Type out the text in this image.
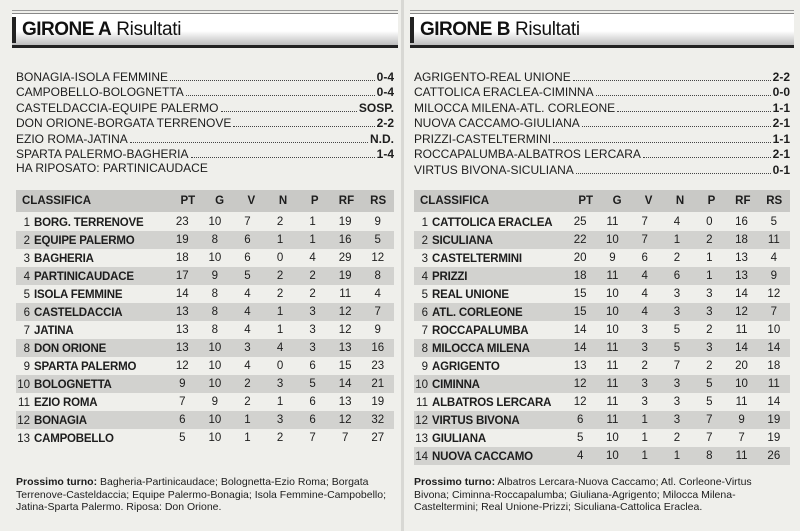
GIRONE A Risultati
BONAGIA-ISOLA FEMMINE	0-4
CAMPOBELLO-BOLOGNETTA	0-4
CASTELDACCIA-EQUIPE PALERMO	SOSP.
DON ORIONE-BORGATA TERRENOVE	2-2
EZIO ROMA-JATINA	N.D.
SPARTA PALERMO-BAGHERIA	1-4
HA RIPOSATO: PARTINICAUDACE
CLASSIFICA	PT	G	V	N	P	RF	RS
1 BORG. TERRENOVE	23	10	7	2	1	19	9
2 EQUIPE PALERMO	19	8	6	1	1	16	5
3 BAGHERIA	18	10	6	0	4	29	12
4 PARTINICAUDACE	17	9	5	2	2	19	8
5 ISOLA FEMMINE	14	8	4	2	2	11	4
6 CASTELDACCIA	13	8	4	1	3	12	7
7 JATINA	13	8	4	1	3	12	9
8 DON ORIONE	13	10	3	4	3	13	16
9 SPARTA PALERMO	12	10	4	0	6	15	23
10 BOLOGNETTA	9	10	2	3	5	14	21
11 EZIO ROMA	7	9	2	1	6	13	19
12 BONAGIA	6	10	1	3	6	12	32
13 CAMPOBELLO	5	10	1	2	7	7	27
Prossimo turno: Bagheria-Partinicaudace; Bolognetta-Ezio Roma; Borgata Terrenove-Casteldaccia; Equipe Palermo-Bonagia; Isola Femmine-Campobello; Jatina-Sparta Palermo. Riposa: Don Orione.
GIRONE B Risultati
AGRIGENTO-REAL UNIONE	2-2
CATTOLICA ERACLEA-CIMINNA	0-0
MILOCCA MILENA-ATL. CORLEONE	1-1
NUOVA CACCAMO-GIULIANA	2-1
PRIZZI-CASTELTERMINI	1-1
ROCCAPALUMBA-ALBATROS LERCARA	2-1
VIRTUS BIVONA-SICULIANA	0-1
CLASSIFICA	PT	G	V	N	P	RF	RS
1 CATTOLICA ERACLEA	25	11	7	4	0	16	5
2 SICULIANA	22	10	7	1	2	18	11
3 CASTELTERMINI	20	9	6	2	1	13	4
4 PRIZZI	18	11	4	6	1	13	9
5 REAL UNIONE	15	10	4	3	3	14	12
6 ATL. CORLEONE	15	10	4	3	3	12	7
7 ROCCAPALUMBA	14	10	3	5	2	11	10
8 MILOCCA MILENA	14	11	3	5	3	14	14
9 AGRIGENTO	13	11	2	7	2	20	18
10 CIMINNA	12	11	3	3	5	10	11
11 ALBATROS LERCARA	12	11	3	3	5	11	14
12 VIRTUS BIVONA	6	11	1	3	7	9	19
13 GIULIANA	5	10	1	2	7	7	19
14 NUOVA CACCAMO	4	10	1	1	8	11	26
Prossimo turno: Albatros Lercara-Nuova Caccamo; Atl. Corleone-Virtus Bivona; Ciminna-Roccapalumba; Giuliana-Agrigento; Milocca Milena-Casteltermini; Real Unione-Prizzi; Siculiana-Cattolica Eraclea.
